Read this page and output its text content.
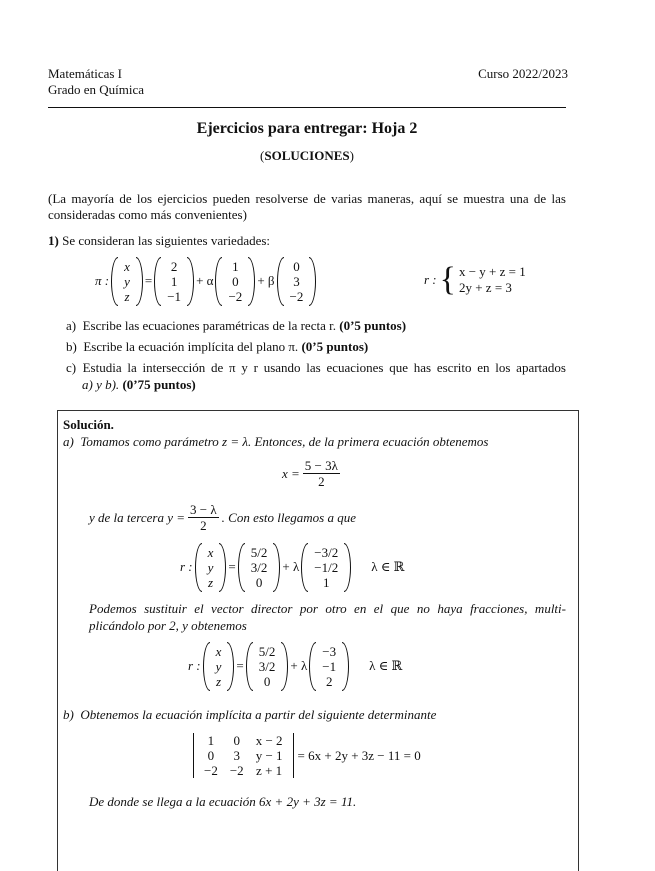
Matemáticas I
Grado en Química
Curso 2022/2023
Ejercicios para entregar: Hoja 2
(SOLUCIONES)
(La mayoría de los ejercicios pueden resolverse de varias maneras, aquí se muestra una de las
consideradas como más convenientes)
1) Se consideran las siguientes variedades:
π :
x
y
z
=
2
1
−1
+ α
1
0
−2
+ β
0
3
−2
r : { x − y + z = 1
2y + z = 3
a) Escribe las ecuaciones paramétricas de la recta r. (0’5 puntos)
b) Escribe la ecuación implícita del plano π. (0’5 puntos)
c)
Estudia la intersección de π y r usando las ecuaciones que has escrito en los apartados
a) y b). (0’75 puntos)
Solución.
a) Tomamos como parámetro z = λ. Entonces, de la primera ecuación obtenemos
$x = \frac{5 - 3\lambda}{2}$
y de la tercera $y = \frac{3 - \lambda}{2}$ . Con esto llegamos a que
r :
x
y
z
=
5/2
3/2
0
+ λ
−3/2
−1/2
1
λ ∈ ℝ
Podemos sustituir el vector director por otro en el que no haya fracciones, multi-
plicándolo por 2, y obtenemos
r :
x
y
z
=
5/2
3/2
0
+ λ
−3
−1
2
λ ∈ ℝ
b) Obtenemos la ecuación implícita a partir del siguiente determinante
1	0	x − 2
0	3	y − 1
−2	−2	z + 1
= 6x + 2y + 3z − 11 = 0
De donde se llega a la ecuación 6x + 2y + 3z = 11.
